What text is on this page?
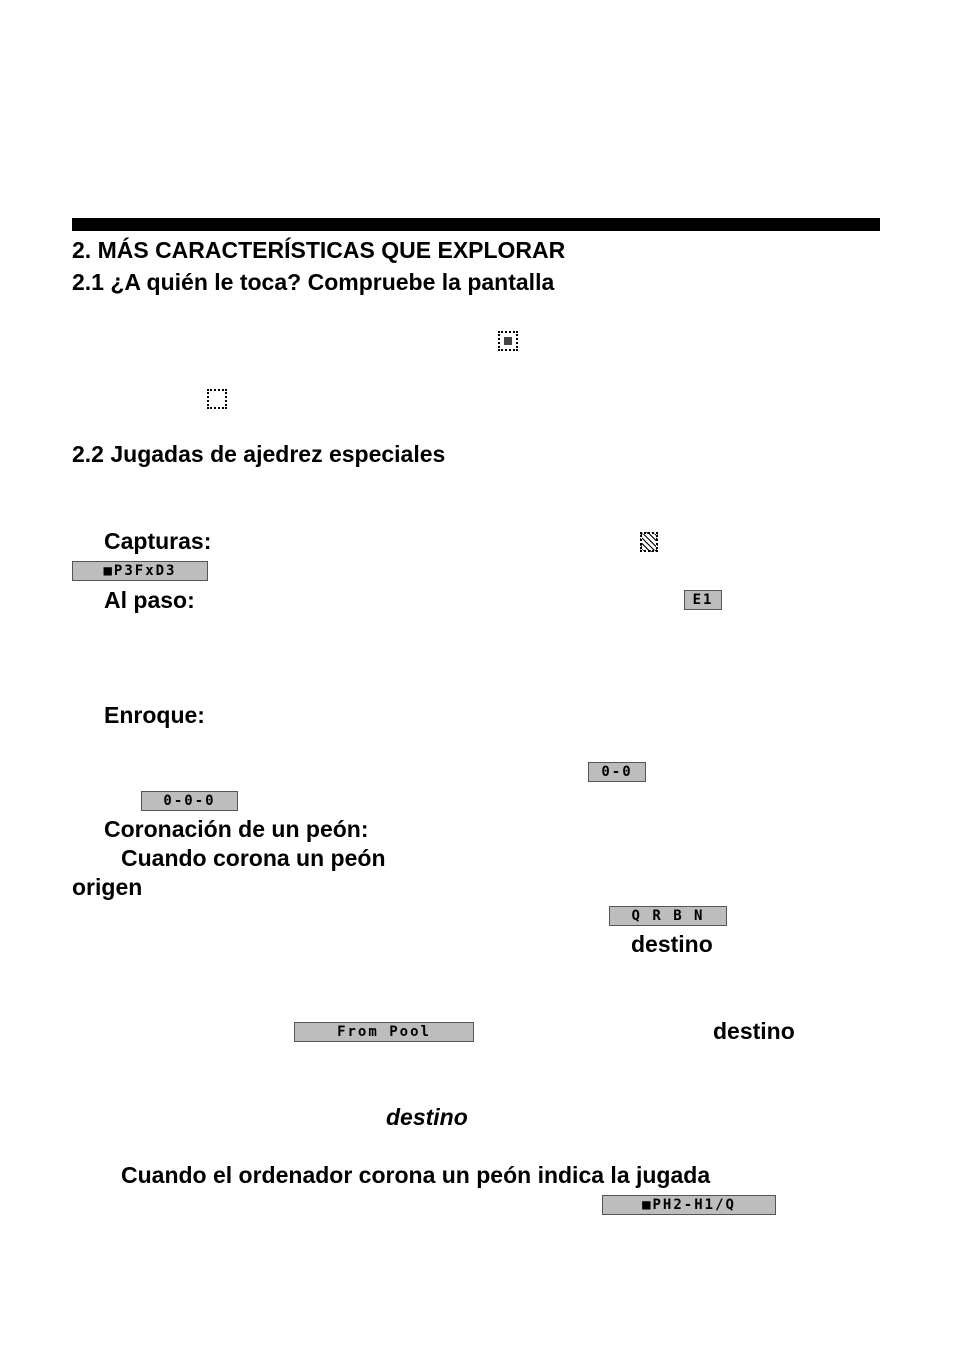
2. MÁS CARACTERÍSTICAS QUE EXPLORAR
2.1 ¿A quién le toca? Compruebe la pantalla
2.2 Jugadas de ajedrez especiales
Capturas:
■P3FxD3
Al paso:	E1
Enroque:
0-0
0-0-0
Coronación de un peón:
Cuando corona un peón
origen
Q R B N
destino
From Pool	destino
destino
Cuando el ordenador corona un peón indica la jugada
■PH2-H1/Q
